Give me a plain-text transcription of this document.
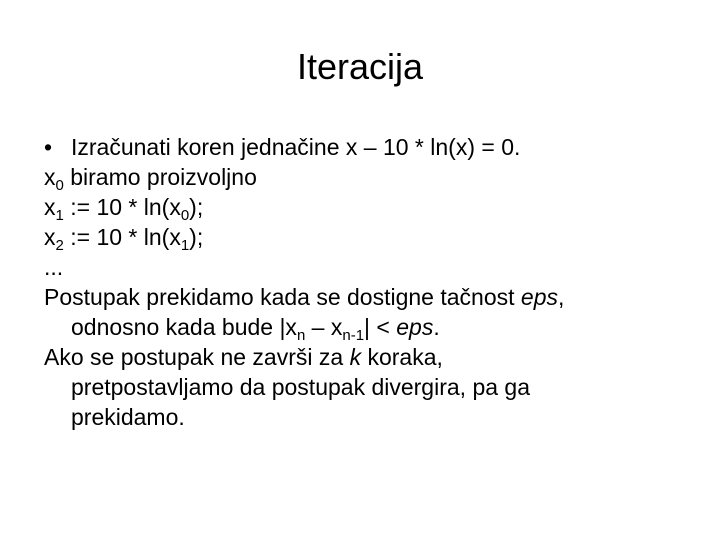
Iteracija
• Izračunati koren jednačine x – 10 * ln(x) = 0.
$x_0$ biramo proizvoljno
$x_1$ := $10 * \ln(x_0)$;
$x_2$ := $10 * \ln(x_1)$;
...
Postupak prekidamo kada se dostigne tačnost eps,
odnosno kada bude $|x_n - x_{n-1}|$ < eps.
Ako se postupak ne završi za k koraka,
pretpostavljamo da postupak divergira, pa ga
prekidamo.
